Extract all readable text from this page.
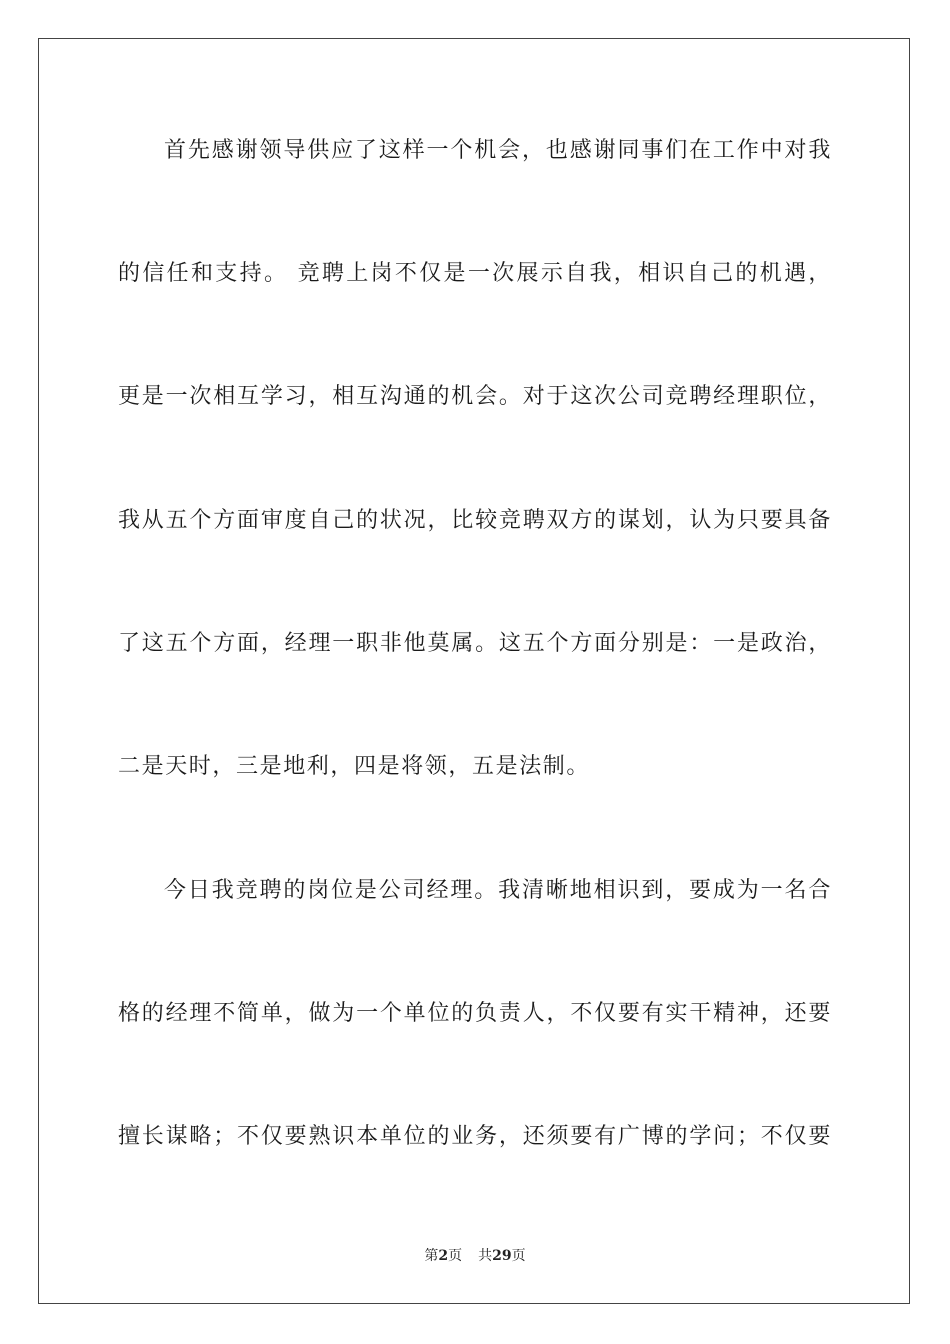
首先感谢领导供应了这样一个机会，也感谢同事们在工作中对我
的信任和支持。 竞聘上岗不仅是一次展示自我，相识自己的机遇，
更是一次相互学习，相互沟通的机会。对于这次公司竞聘经理职位，
我从五个方面审度自己的状况，比较竞聘双方的谋划，认为只要具备
了这五个方面，经理一职非他莫属。这五个方面分别是：一是政治，
二是天时，三是地利，四是将领，五是法制。
今日我竞聘的岗位是公司经理。我清晰地相识到，要成为一名合
格的经理不简单，做为一个单位的负责人，不仅要有实干精神，还要
擅长谋略；不仅要熟识本单位的业务，还须要有广博的学问；不仅要
第2页 共29页
